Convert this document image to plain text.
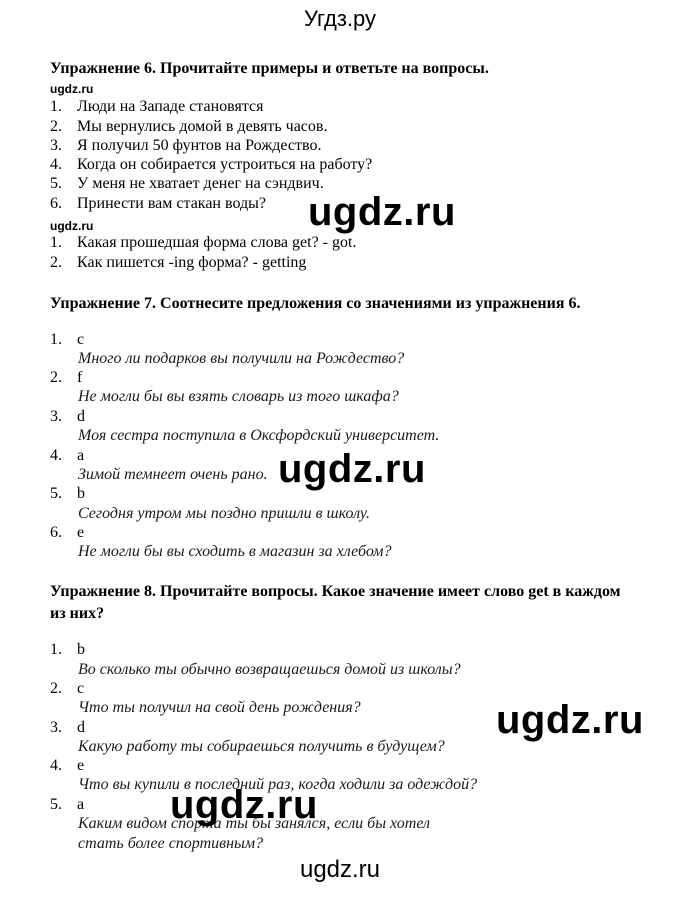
Угдз.ру
Упражнение 6. Прочитайте примеры и ответьте на вопросы.
ugdz.ru
1. Люди на Западе становятся
2. Мы вернулись домой в девять часов.
3. Я получил 50 фунтов на Рождество.
4. Когда он собирается устроиться на работу?
5. У меня не хватает денег на сэндвич.
6. Принести вам стакан воды?
ugdz.ru
1. Какая прошедшая форма слова get? - got.
2. Как пишется -ing форма? - getting
Упражнение 7. Соотнесите предложения со значениями из упражнения 6.
1. c
Много ли подарков вы получили на Рождество?
2. f
Не могли бы вы взять словарь из того шкафа?
3. d
Моя сестра поступила в Оксфордский университет.
4. a
Зимой темнеет очень рано.
5. b
Сегодня утром мы поздно пришли в школу.
6. e
Не могли бы вы сходить в магазин за хлебом?
Упражнение 8. Прочитайте вопросы. Какое значение имеет слово get в каждом из них?
1. b
Во сколько ты обычно возвращаешься домой из школы?
2. c
Что ты получил на свой день рождения?
3. d
Какую работу ты собираешься получить в будущем?
4. e
Что вы купили в последний раз, когда ходили за одеждой?
5. a
Каким видом спорта ты бы занялся, если бы хотел стать более спортивным?
ugdz.ru
ugdz.ru
ugdz.ru
ugdz.ru
ugdz.ru
